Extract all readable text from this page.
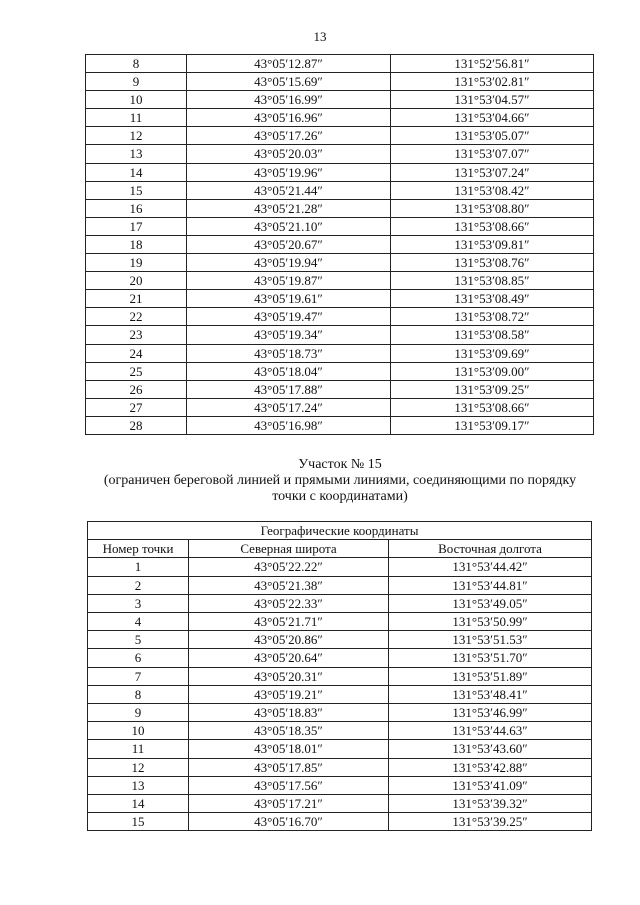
13
8	43°05′12.87″	131°52′56.81″
9	43°05′15.69″	131°53′02.81″
10	43°05′16.99″	131°53′04.57″
11	43°05′16.96″	131°53′04.66″
12	43°05′17.26″	131°53′05.07″
13	43°05′20.03″	131°53′07.07″
14	43°05′19.96″	131°53′07.24″
15	43°05′21.44″	131°53′08.42″
16	43°05′21.28″	131°53′08.80″
17	43°05′21.10″	131°53′08.66″
18	43°05′20.67″	131°53′09.81″
19	43°05′19.94″	131°53′08.76″
20	43°05′19.87″	131°53′08.85″
21	43°05′19.61″	131°53′08.49″
22	43°05′19.47″	131°53′08.72″
23	43°05′19.34″	131°53′08.58″
24	43°05′18.73″	131°53′09.69″
25	43°05′18.04″	131°53′09.00″
26	43°05′17.88″	131°53′09.25″
27	43°05′17.24″	131°53′08.66″
28	43°05′16.98″	131°53′09.17″
Участок № 15
(ограничен береговой линией и прямыми линиями, соединяющими по порядку
точки с координатами)
Географические координаты		
Номер точки	Северная широта	Восточная долгота
1	43°05′22.22″	131°53′44.42″
2	43°05′21.38″	131°53′44.81″
3	43°05′22.33″	131°53′49.05″
4	43°05′21.71″	131°53′50.99″
5	43°05′20.86″	131°53′51.53″
6	43°05′20.64″	131°53′51.70″
7	43°05′20.31″	131°53′51.89″
8	43°05′19.21″	131°53′48.41″
9	43°05′18.83″	131°53′46.99″
10	43°05′18.35″	131°53′44.63″
11	43°05′18.01″	131°53′43.60″
12	43°05′17.85″	131°53′42.88″
13	43°05′17.56″	131°53′41.09″
14	43°05′17.21″	131°53′39.32″
15	43°05′16.70″	131°53′39.25″
